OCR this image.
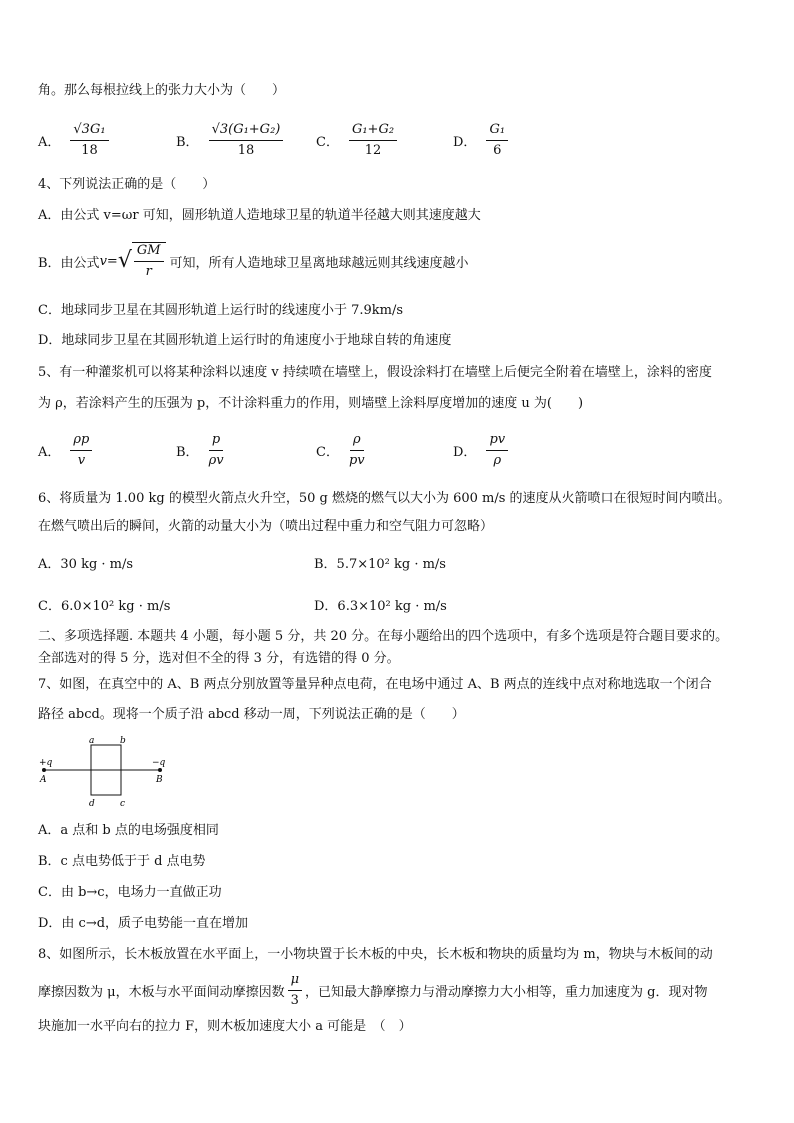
角。那么每根拉线上的张力大小为（　　）
A． $\frac{\text{√3G₁}}{18}$	B． $\frac{\text{√3(G₁+G₂)}}{18}$	C． $\frac{\text{G₁+G₂}}{12}$	D． $\frac{\text{G₁}}{6}$
4、下列说法正确的是（　　）
A．由公式 v=ωr 可知，圆形轨道人造地球卫星的轨道半径越大则其速度越大
B．由公式 v= √ $\frac{GM}{r}$ 可知，所有人造地球卫星离地球越远则其线速度越小
C．地球同步卫星在其圆形轨道上运行时的线速度小于 7.9km/s
D．地球同步卫星在其圆形轨道上运行时的角速度小于地球自转的角速度
5、有一种灌浆机可以将某种涂料以速度 v 持续喷在墙壁上，假设涂料打在墙壁上后便完全附着在墙壁上，涂料的密度
为 ρ，若涂料产生的压强为 p，不计涂料重力的作用，则墙壁上涂料厚度增加的速度 u 为(　　)
A． $\frac{\rho p}{v}$	B． $\frac{p}{\rho v}$	C． $\frac{\rho}{pv}$	D． $\frac{pv}{\rho}$
6、将质量为 1.00 kg 的模型火箭点火升空，50 g 燃烧的燃气以大小为 600 m/s 的速度从火箭喷口在很短时间内喷出。
在燃气喷出后的瞬间，火箭的动量大小为（喷出过程中重力和空气阻力可忽略）
A．30 kg · m/s	B．5.7×10² kg · m/s
C．6.0×10² kg · m/s	D．6.3×10² kg · m/s
二、多项选择题. 本题共 4 小题，每小题 5 分，共 20 分。在每小题给出的四个选项中，有多个选项是符合题目要求的。
全部选对的得 5 分，选对但不全的得 3 分，有选错的得 0 分。
7、如图，在真空中的 A、B 两点分别放置等量异种点电荷，在电场中通过 A、B 两点的连线中点对称地选取一个闭合
路径 abcd。现将一个质子沿 abcd 移动一周，下列说法正确的是（　　）
a	b
c
d
+q	−q
A	B
A．a 点和 b 点的电场强度相同
B．c 点电势低于于 d 点电势
C．由 b→c，电场力一直做正功
D．由 c→d，质子电势能一直在增加
8、如图所示，长木板放置在水平面上，一小物块置于长木板的中央，长木板和物块的质量均为 m，物块与木板间的动
摩擦因数为 μ，木板与水平面间动摩擦因数 $\frac{\mu}{3}$ ，已知最大静摩擦力与滑动摩擦力大小相等，重力加速度为 g．现对物
块施加一水平向右的拉力 F，则木板加速度大小 a 可能是　（　）
